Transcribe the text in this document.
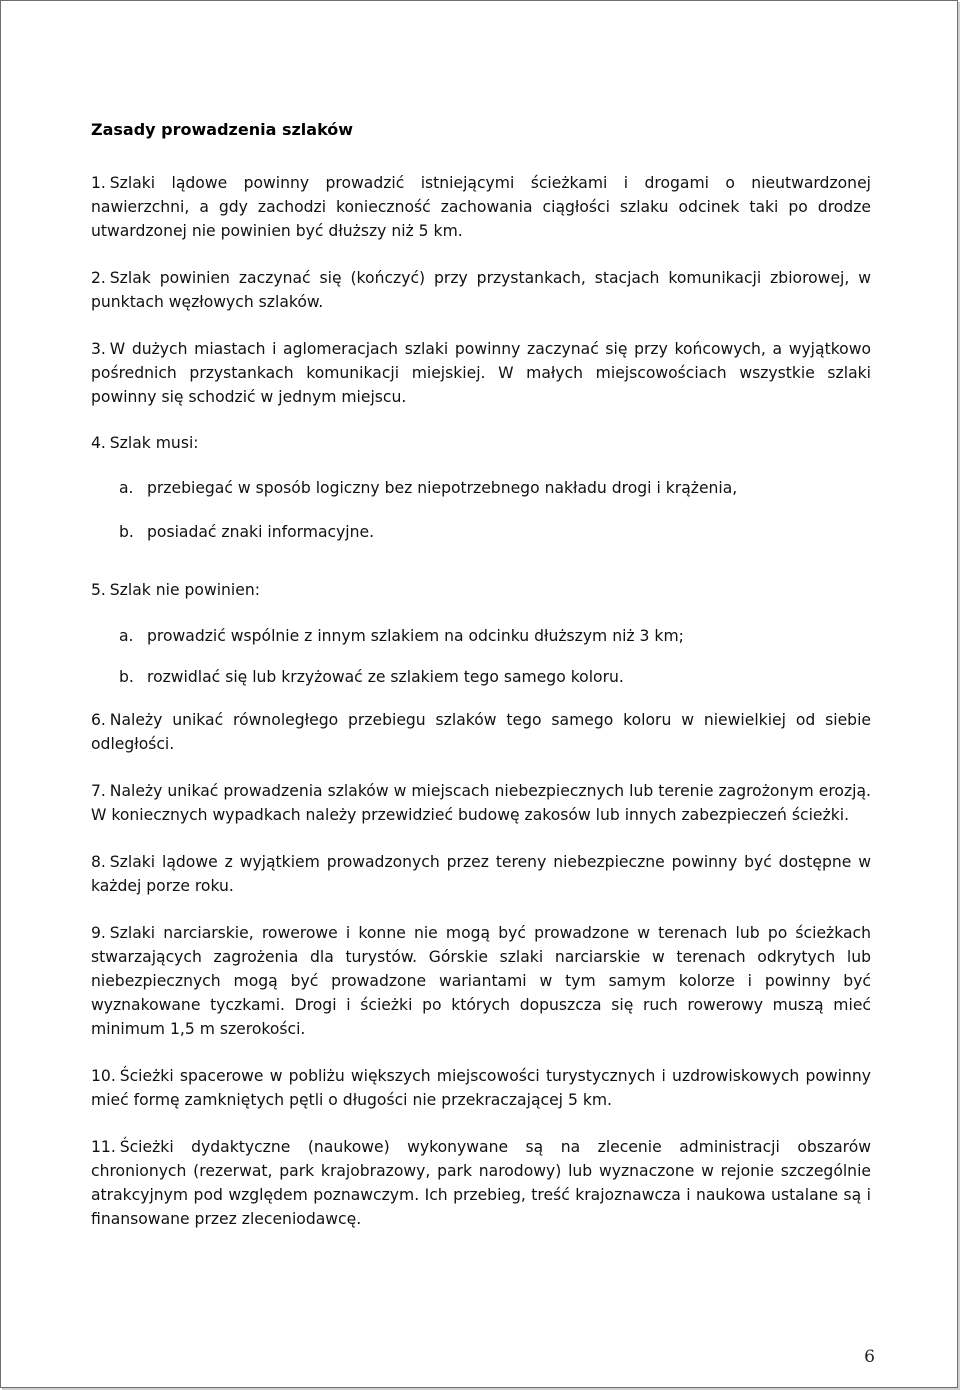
Zasady prowadzenia szlaków

1. Szlaki lądowe powinny prowadzić istniejącymi ścieżkami i drogami o nieutwardzonej nawierzchni, a gdy zachodzi konieczność zachowania ciągłości szlaku odcinek taki po drodze utwardzonej nie powinien być dłuższy niż 5 km.

2. Szlak powinien zaczynać się (kończyć) przy przystankach, stacjach komunikacji zbiorowej, w punktach węzłowych szlaków.

3. W dużych miastach i aglomeracjach szlaki powinny zaczynać się przy końcowych, a wyjątkowo pośrednich przystankach komunikacji miejskiej. W małych miejscowościach wszystkie szlaki powinny się schodzić w jednym miejscu.

4. Szlak musi:

a. przebiegać w sposób logiczny bez niepotrzebnego nakładu drogi i krążenia,

b. posiadać znaki informacyjne.

5. Szlak nie powinien:

a. prowadzić wspólnie z innym szlakiem na odcinku dłuższym niż 3 km;

b. rozwidlać się lub krzyżować ze szlakiem tego samego koloru.

6. Należy unikać równoległego przebiegu szlaków tego samego koloru w niewielkiej od siebie odległości.

7. Należy unikać prowadzenia szlaków w miejscach niebezpiecznych lub terenie zagrożonym erozją. W koniecznych wypadkach należy przewidzieć budowę zakosów lub innych zabezpieczeń ścieżki.

8. Szlaki lądowe z wyjątkiem prowadzonych przez tereny niebezpieczne powinny być dostępne w każdej porze roku.

9. Szlaki narciarskie, rowerowe i konne nie mogą być prowadzone w terenach lub po ścieżkach stwarzających zagrożenia dla turystów. Górskie szlaki narciarskie w terenach odkrytych lub niebezpiecznych mogą być prowadzone wariantami w tym samym kolorze i powinny być wyznakowane tyczkami. Drogi i ścieżki po których dopuszcza się ruch rowerowy muszą mieć minimum 1,5 m szerokości.

10. Ścieżki spacerowe w pobliżu większych miejscowości turystycznych i uzdrowiskowych powinny mieć formę zamkniętych pętli o długości nie przekraczającej 5 km.

11. Ścieżki dydaktyczne (naukowe) wykonywane są na zlecenie administracji obszarów chronionych (rezerwat, park krajobrazowy, park narodowy) lub wyznaczone w rejonie szczególnie atrakcyjnym pod względem poznawczym. Ich przebieg, treść krajoznawcza i naukowa ustalane są i finansowane przez zleceniodawcę.

6
